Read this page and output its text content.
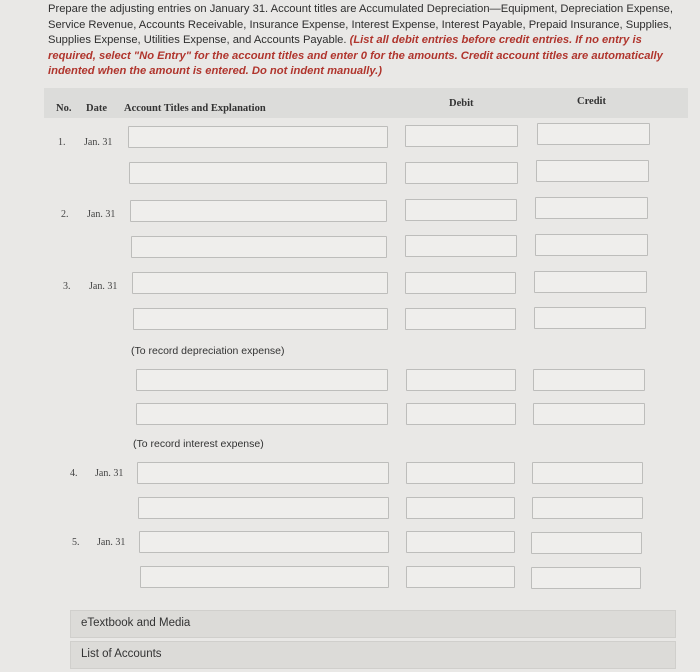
Prepare the adjusting entries on January 31. Account titles are Accumulated Depreciation—Equipment, Depreciation Expense, Service Revenue, Accounts Receivable, Insurance Expense, Interest Expense, Interest Payable, Prepaid Insurance, Supplies, Supplies Expense, Utilities Expense, and Accounts Payable. (List all debit entries before credit entries. If no entry is required, select "No Entry" for the account titles and enter 0 for the amounts. Credit account titles are automatically indented when the amount is entered. Do not indent manually.)
No. Date Account Titles and Explanation	Debit	Credit
1. Jan. 31
2. Jan. 31
3. Jan. 31
(To record depreciation expense)
(To record interest expense)
4. Jan. 31
5. Jan. 31
eTextbook and Media
List of Accounts
